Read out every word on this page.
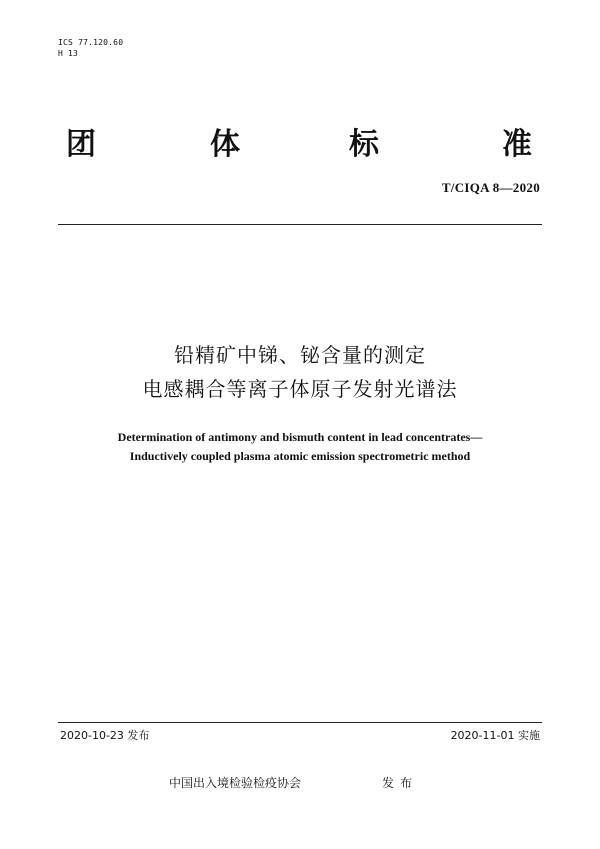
ICS 77.120.60
H 13
团	体	标	准
T/CIQA 8—2020
铅精矿中锑、铋含量的测定
电感耦合等离子体原子发射光谱法
Determination of antimony and bismuth content in lead concentrates—
Inductively coupled plasma atomic emission spectrometric method
2020-10-23 发布	2020-11-01 实施
中国出入境检验检疫协会	发布
